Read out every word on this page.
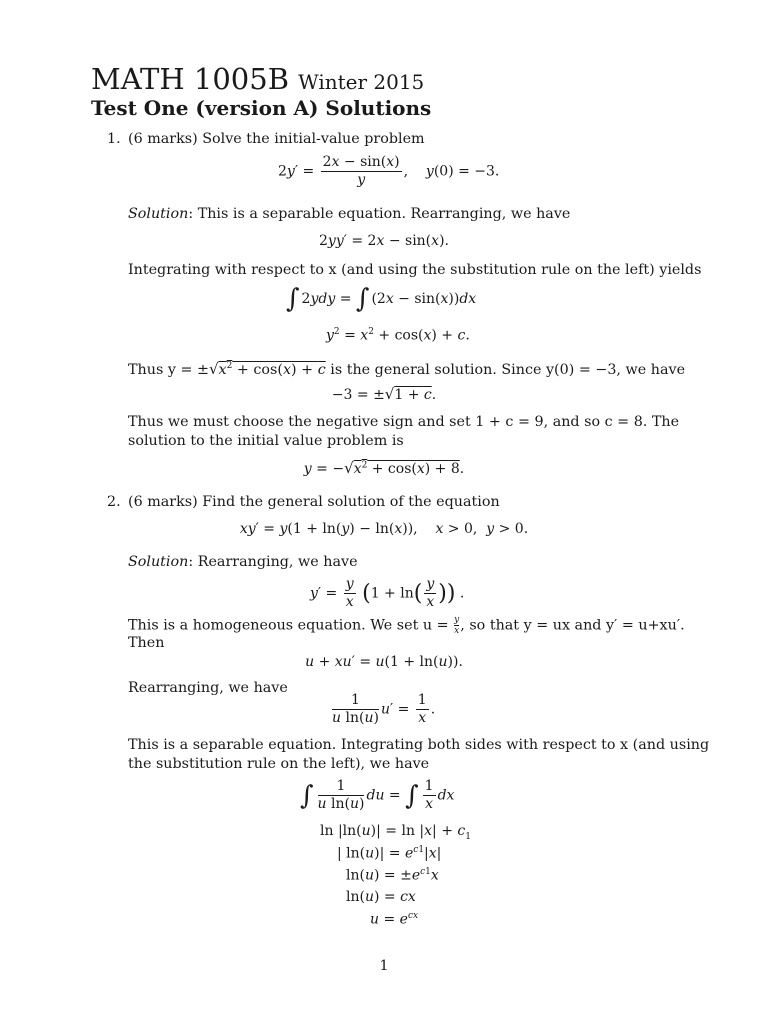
MATH 1005B Winter 2015
Test One (version A) Solutions
1. (6 marks) Solve the initial-value problem
$2y' = \frac{2x - \sin(x)}{y}$ ,    y(0) = −3.
Solution: This is a separable equation. Rearranging, we have
2yy′ = 2x − sin(x).
Integrating with respect to x (and using the substitution rule on the left) yields
∫ 2ydy = ∫ (2x − sin(x))dx
$y^2 = x^2 + \cos(x) + c$.
Thus $y = \pm√x^2 + \cos(x) + c$ is the general solution. Since y(0) = −3, we have
−3 = ±√1 + c.
Thus we must choose the negative sign and set 1 + c = 9, and so c = 8. The
solution to the initial value problem is
$y = -√x^2 + \cos(x) + 8$.
2. (6 marks) Find the general solution of the equation
xy′ = y(1 + ln(y) − ln(x)),    x > 0,  y > 0.
Solution: Rearranging, we have
$y' = \frac{y}{x} (1 + \ln( \frac{y}{x}$ )) .
This is a homogeneous equation. We set $u = \frac{y}{x}$ , so that y = ux and y′ = u+xu′.
Then
u + xu′ = u(1 + ln(u)).
Rearranging, we have
$\frac{1}{\text{u ln(u)}} u' = \frac{1}{x}$ .
This is a separable equation. Integrating both sides with respect to x (and using
the substitution rule on the left), we have
∫ $\frac{1}{\text{u ln(u)}}$ du = ∫ $\frac{1}{x}$ dx
$\ln |\ln(u)| = \ln |x| + c_1$
| $\ln(u)| = e^{c1}|x|$
$\ln(u) = \pm e^{c1}x$
ln(u) = cx
$u = e^{cx}$
1
